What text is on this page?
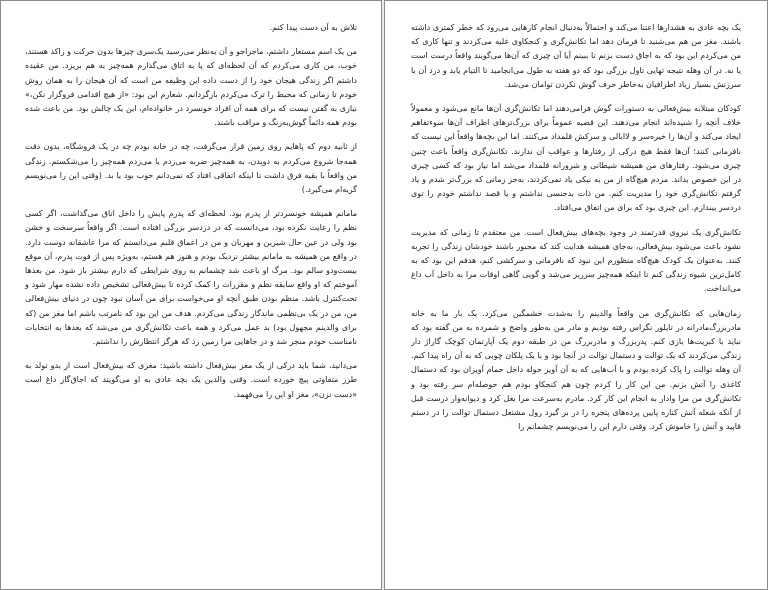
یک بچه عادی به هشدارها اعتنا می‌کند و احتمالاً به‌دنبال انجام کارهایی می‌رود که خطر کمتری داشته باشند. مغز من هم می‌شنید تا فرمان دهد اما تکانش‌گری و کنجکاوی غلبه می‌کردند و تنها کاری که من می‌کردم این بود که به اجاق دست بزنم تا ببینم آیا آن چیزی که آن‌ها می‌گویند واقعاً درست است یا نه. در آن وهله نتیجه تهایی تاول بزرگی بود که دو هفته به طول می‌انجامید تا التیام یابد و درد آن با سرزنش بسیار زیاد اطرافیان به‌خاطر حرف گوش نکردن توامان می‌شد.

کودکان مبتلابه بیش‌فعالی به دستورات گوش فرامی‌دهند اما تکانش‌گری آن‌ها مانع می‌شود و معمولاً خلاف آنچه را شنیده‌اند انجام می‌دهند. این قضیه عموماً برای بزرگ‌ترهای اطراف آن‌ها سوءتفاهم ایجاد می‌کند و آن‌ها را خیره‌سر و لاابالی و سرکش قلمداد می‌کنند. اما این بچه‌ها واقعاً این نیست که نافرمانی کنند؛ آن‌ها فقط هیچ درکی از رفتارها و عواقب آن ندارند. تکانش‌گری واقعاً باعث چنین چیزی می‌شود. رفتارهای من همیشه شیطانی و شرورانه قلمداد می‌شد اما نیاز بود که کسی چیزی در این خصوص بداند. مردم هیچ‌گاه از من به نیکی یاد نمی‌کردند، به‌جز زمانی که بزرگ‌تر شدم و یاد گرفتم تکانش‌گری خود را مدیریت کنم. من ذات بدجنسی نداشتم و یا قصد نداشتم خودم را توی دردسر بیندازم. این چیزی بود که برای من اتفاق می‌افتاد.

تکانش‌گری یک نیروی قدرتمند در وجود بچه‌های بیش‌فعال است. من معتقدم تا زمانی که مدیریت نشود باعث می‌شود بیش‌فعالی، به‌جای همیشه هدایت کند که مجبور باشند خودشان زندگی را تجربه کنند. به‌عنوان یک کودک هیچ‌گاه منظورم این نبود که نافرمانی و سرکشی کنم، هدفم این بود که به کامل‌ترین شیوه زندگی کنم تا اینکه همه‌چیز سرریز می‌شد و گویی گاهی اوقات مرا به داخل آب داغ می‌انداخت.

زمان‌هایی که تکانش‌گری من واقعاً والدینم را به‌شدت خشمگین می‌کرد. یک بار ما به خانه مادربزرگ‌مادرانه در تایلور نگزاس رفته بودیم و مادر من به‌طور واضح و شمرده به من گفته بود که نباید با کبریت‌ها بازی کنم. پدربزرگ و مادربزرگ من در طبقه دوم یک آپارتمان کوچک گاراژ دار زندگی می‌کردند که یک توالت و دستمال توالت در آنجا بود و با یک پلکان چوبی که به آن راه پیدا کنم. آن وهله توالت را پاک کرده بودم و با آب‌هایی که به آن آویز حوله داخل حمام آویزان بود که دستمال کاغذی را آتش بزنم. من این کار را کردم چون هم کنجکاو بودم هم حوصله‌ام سر رفته بود و تکانش‌گری من مرا وادار به انجام این کار کرد. مادرم به‌سرعت مرا بغل کرد و دیوانه‌وار درست قبل از آنکه شعله آتش کناره پایین پرده‌های پنجره را در بر گیرد رول مشتعل دستمال توالت را در دستم قاپید و آتش را خاموش کرد. وقتی دارم این را می‌نویسم چشمانم را

تلاش به آن دست پیدا کنم.

من یک اسم مستعار داشتم، ماجراجو و آن به‌نظر می‌رسید یک‌سری چیزها بدون حرکت و راکد هستند، خوب، من کاری می‌کردم که آن لحظه‌ای که پا به اتاق می‌گذارم همه‌چیز به هم بریزد. من عقیده داشتم اگر زندگی هیجان خود را از دست داده این وظیفه من است که آن هیجان را به همان روش خودم تا زمانی که محیط را ترک می‌کردم بازگردانم. شعارم این بود: «از هیچ اقدامی فروگزار نکن،» نیازی به گفتن نیست که برای همه آن افراد خونسرد در خانواده‌ام، این یک چالش بود. من باعث شده بودم همه دائماً گوش‌به‌زنگ و مراقب باشند.

از ثانیه دوم که پاهایم روی زمین قرار می‌گرفت، چه در خانه بودم چه در یک فروشگاه، بدون دقت همه‌جا شروع می‌کردم به دویدن، به همه‌چیز ضربه می‌زدم یا می‌زدم همه‌چیز را می‌شکستم. زندگی من واقعاً با بقیه فرق داشت تا اینکه اتفاقی افتاد که نمی‌دانم خوب بود یا بد. (وقتی این را می‌نویسم گریه‌ام می‌گیرد.)

مامانم همیشه خونسردتر از پدرم بود. لحظه‌ای که پدرم پایش را داخل اتاق می‌گذاشت، اگر کسی نظم را رعایت نکرده بود، می‌دانست که در دردسر بزرگی افتاده است. اگر واقعاً سرسخت و خشن بود ولی در عین حال شیرین و مهربان و من در اعماق قلبم می‌دانستم که مرا عاشقانه دوست دارد. در واقع من همیشه به مامانم بیشتر نزدیک بودم و هنوز هم هستم، به‌ویژه پس از فوت پدرم، آن موقع بیست‌ودو سالم بود. مرگ او باعث شد چشمانم به روی شرایطی که دارم بیشتر باز شود. من بعدها آموختم که او واقع سابقه نظم و مقررات را کمک کرده تا بیش‌فعالی تشخیص داده نشده مهار شود و تحت‌کنترل باشد. منظم بودن طبق آنچه او می‌خواست برای من آسان نبود چون در دنیای بیش‌فعالی من، من در یک بی‌نظمی ماندگار زندگی می‌کردم. هدف من این بود که نامرتب باشم اما مغز من (که برای والدینم مجهول بود) بد عمل می‌کرد و همه باعث تکانش‌گری من می‌شد که بعدها به انتخابات نامناسب خودم منجر شد و در جاهایی مرا زمین زد که هرگز انتظارش را نداشتم.

می‌دانید، شما باید درکی از یک مغز بیش‌فعال داشته باشید: مغزی که بیش‌فعال است از بدو تولد به طرز متفاوتی پیچ خورده است. وقتی والدین یک بچه عادی به او می‌گویند که اجاق‌گاز داغ است «دست نزن»، مغز او این را می‌فهمد.
